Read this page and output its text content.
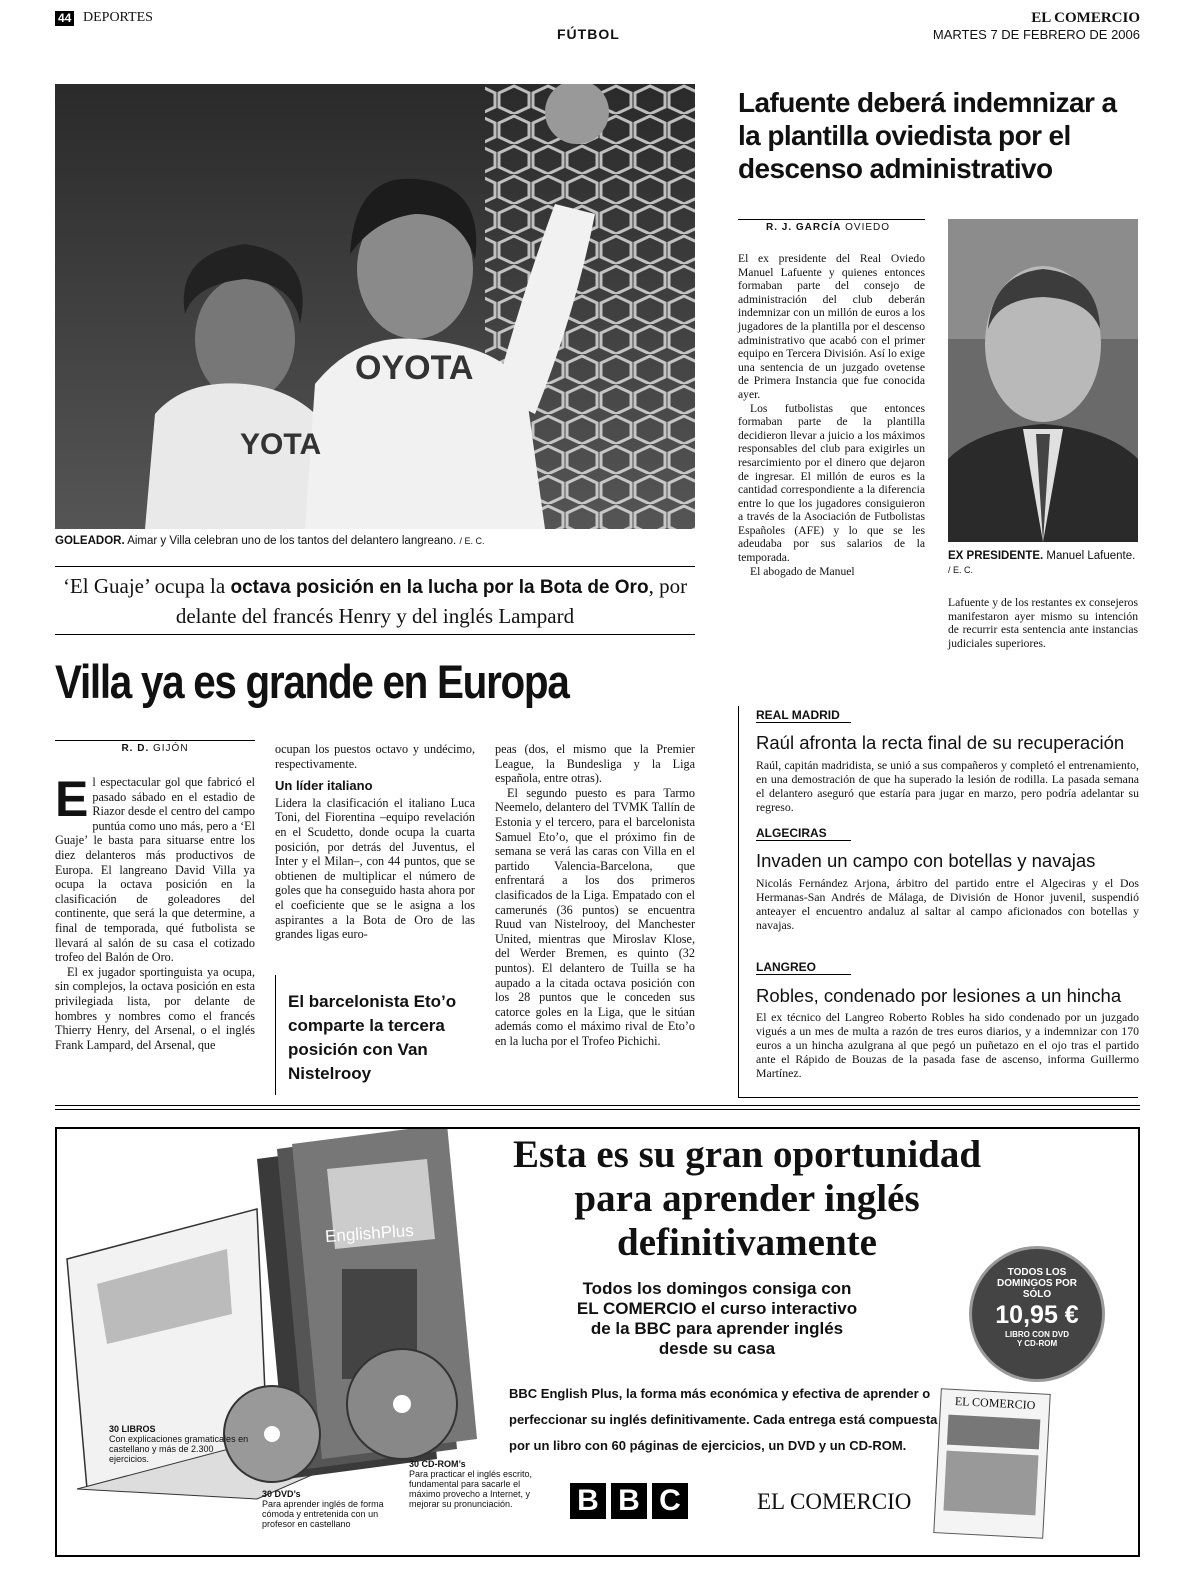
44 DEPORTES
FÚTBOL
EL COMERCIO
MARTES 7 DE FEBRERO DE 2006
OYOTA
YOTA
GOLEADOR. Aimar y Villa celebran uno de los tantos del delantero langreano. / E. C.
‘El Guaje’ ocupa la octava posición en la lucha por la Bota de Oro, por delante del francés Henry y del inglés Lampard
Villa ya es grande en Europa
R. D. GIJÓN

El espectacular gol que fabricó el pasado sábado en el estadio de Riazor desde el centro del campo puntúa como uno más, pero a ‘El Guaje’ le basta para situarse entre los diez delanteros más productivos de Europa. El langreano David Villa ya ocupa la octava posición en la clasificación de goleadores del continente, que será la que determine, a final de temporada, qué futbolista se llevará al salón de su casa el cotizado trofeo del Balón de Oro.

El ex jugador sportinguista ya ocupa, sin complejos, la octava posición en esta privilegiada lista, por delante de hombres y nombres como el francés Thierry Henry, del Arsenal, o el inglés Frank Lampard, del Arsenal, que

ocupan los puestos octavo y undécimo, respectivamente.

Un líder italiano

Lidera la clasificación el italiano Luca Toni, del Fiorentina –equipo revelación en el Scudetto, donde ocupa la cuarta posición, por detrás del Juventus, el Inter y el Milan–, con 44 puntos, que se obtienen de multiplicar el número de goles que ha conseguido hasta ahora por el coeficiente que se le asigna a los aspirantes a la Bota de Oro de las grandes ligas euro-

El barcelonista Eto’o comparte la tercera posición con Van Nistelrooy

peas (dos, el mismo que la Premier League, la Bundesliga y la Liga española, entre otras).

El segundo puesto es para Tarmo Neemelo, delantero del TVMK Tallín de Estonia y el tercero, para el barcelonista Samuel Eto’o, que el próximo fin de semana se verá las caras con Villa en el partido Valencia-Barcelona, que enfrentará a los dos primeros clasificados de la Liga. Empatado con el camerunés (36 puntos) se encuentra Ruud van Nistelrooy, del Manchester United, mientras que Miroslav Klose, del Werder Bremen, es quinto (32 puntos). El delantero de Tuilla se ha aupado a la citada octava posición con los 28 puntos que le conceden sus catorce goles en la Liga, que le sitúan además como el máximo rival de Eto’o en la lucha por el Trofeo Pichichi.

Lafuente deberá indemnizar a la plantilla oviedista por el descenso administrativo
R. J. GARCÍA OVIEDO

El ex presidente del Real Oviedo Manuel Lafuente y quienes entonces formaban parte del consejo de administración del club deberán indemnizar con un millón de euros a los jugadores de la plantilla por el descenso administrativo que acabó con el primer equipo en Tercera División. Así lo exige una sentencia de un juzgado ovetense de Primera Instancia que fue conocida ayer.

Los futbolistas que entonces formaban parte de la plantilla decidieron llevar a juicio a los máximos responsables del club para exigirles un resarcimiento por el dinero que dejaron de ingresar. El millón de euros es la cantidad correspondiente a la diferencia entre lo que los jugadores consiguieron a través de la Asociación de Futbolistas Españoles (AFE) y lo que se les adeudaba por sus salarios de la temporada.

El abogado de Manuel

EX PRESIDENTE. Manuel Lafuente. / E. C.

Lafuente y de los restantes ex consejeros manifestaron ayer mismo su intención de recurrir esta sentencia ante instancias judiciales superiores.

REAL MADRID
Raúl afronta la recta final de su recuperación
Raúl, capitán madridista, se unió a sus compañeros y completó el entrenamiento, en una demostración de que ha superado la lesión de rodilla. La pasada semana el delantero aseguró que estaría para jugar en marzo, pero podría adelantar su regreso.
ALGECIRAS
Invaden un campo con botellas y navajas
Nicolás Fernández Arjona, árbitro del partido entre el Algeciras y el Dos Hermanas-San Andrés de Málaga, de División de Honor juvenil, suspendió anteayer el encuentro andaluz al saltar al campo aficionados con botellas y navajas.
LANGREO
Robles, condenado por lesiones a un hincha
El ex técnico del Langreo Roberto Robles ha sido condenado por un juzgado vigués a un mes de multa a razón de tres euros diarios, y a indemnizar con 170 euros a un hincha azulgrana al que pegó un puñetazo en el ojo tras el partido ante el Rápido de Bouzas de la pasada fase de ascenso, informa Guillermo Martínez.
EnglishPlus
30 LIBROS
Con explicaciones gramaticales en castellano y más de 2.300 ejercicios.
30 DVD’s
Para aprender inglés de forma cómoda y entretenida con un profesor en castellano
30 CD-ROM’s
Para practicar el inglés escrito, fundamental para sacarle el máximo provecho a Internet, y mejorar su pronunciación.
Esta es su gran oportunidad
para aprender inglés
definitivamente
Todos los domingos consiga con
EL COMERCIO el curso interactivo
de la BBC para aprender inglés
desde su casa
TODOS LOS DOMINGOS POR SÓLO
10,95 €
LIBRO CON DVD Y CD-ROM
BBC English Plus, la forma más económica y efectiva de aprender o
perfeccionar su inglés definitivamente. Cada entrega está compuesta
por un libro con 60 páginas de ejercicios, un DVD y un CD-ROM.
EL COMERCIO
B B C	EL COMERCIO
